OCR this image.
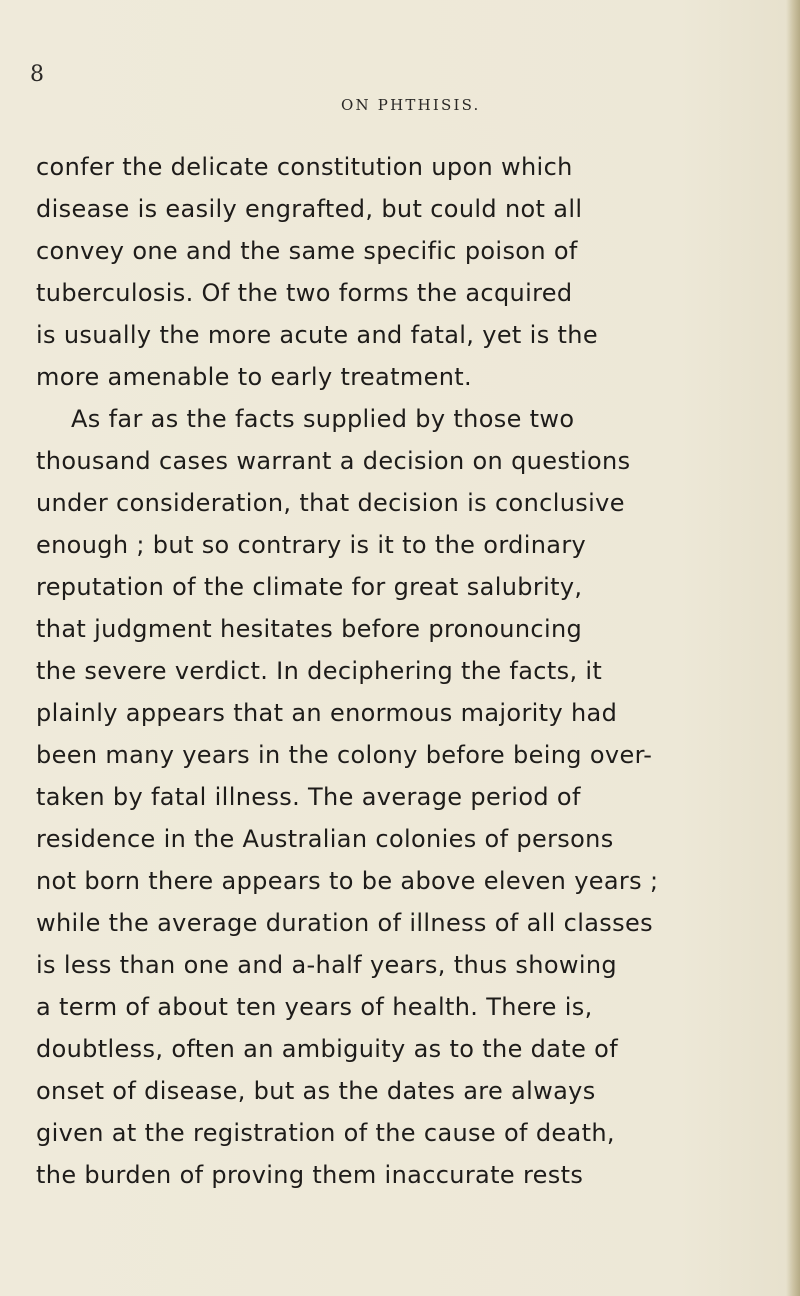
8
ON PHTHISIS.
confer the delicate constitution upon which
disease is easily engrafted, but could not all
convey one and the same specific poison of
tuberculosis. Of the two forms the acquired
is usually the more acute and fatal, yet is the
more amenable to early treatment.
As far as the facts supplied by those two
thousand cases warrant a decision on questions
under consideration, that decision is conclusive
enough ; but so contrary is it to the ordinary
reputation of the climate for great salubrity,
that judgment hesitates before pronouncing
the severe verdict. In deciphering the facts, it
plainly appears that an enormous majority had
been many years in the colony before being over-
taken by fatal illness. The average period of
residence in the Australian colonies of persons
not born there appears to be above eleven years ;
while the average duration of illness of all classes
is less than one and a-half years, thus showing
a term of about ten years of health. There is,
doubtless, often an ambiguity as to the date of
onset of disease, but as the dates are always
given at the registration of the cause of death,
the burden of proving them inaccurate rests
